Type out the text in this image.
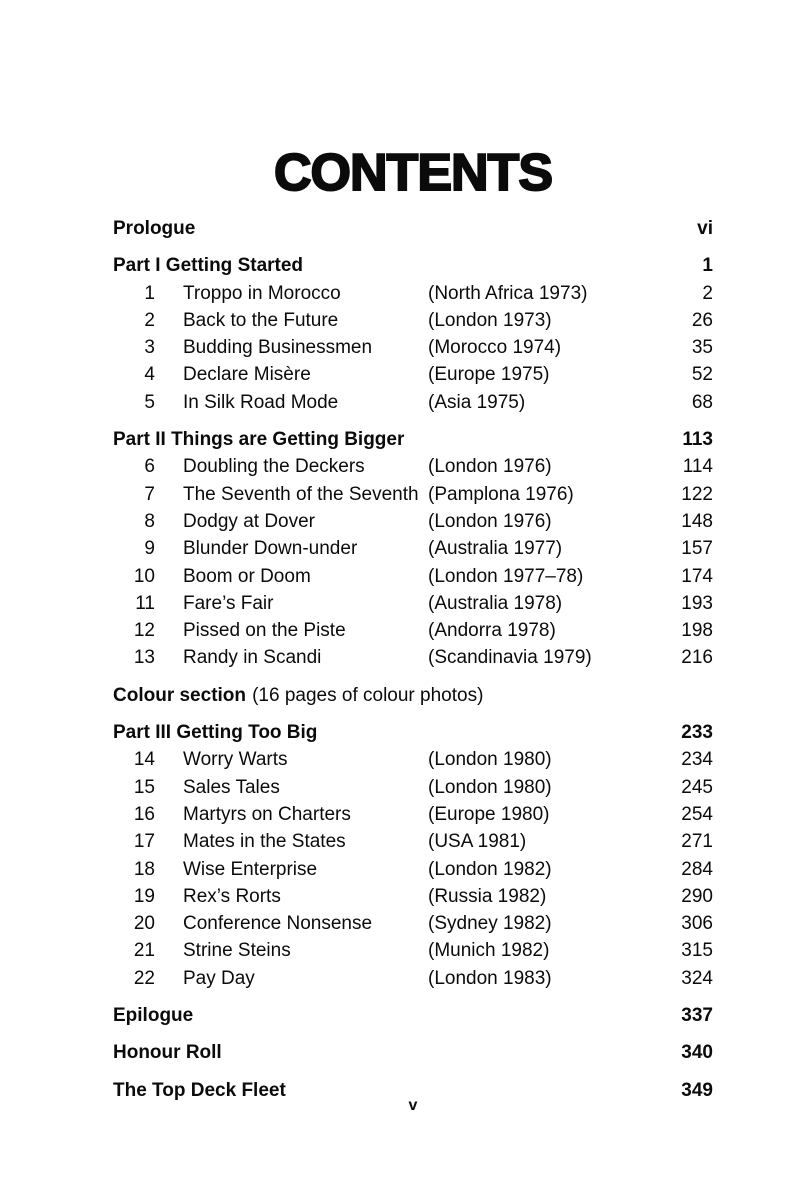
CONTENTS
Prologue	vi
Part I Getting Started	1
1	Troppo in Morocco	(North Africa 1973)	2
2	Back to the Future	(London 1973)	26
3	Budding Businessmen	(Morocco 1974)	35
4	Declare Misère	(Europe 1975)	52
5	In Silk Road Mode	(Asia 1975)	68
Part II Things are Getting Bigger	113
6	Doubling the Deckers	(London 1976)	114
7	The Seventh of the Seventh (Pamplona 1976)	122
8	Dodgy at Dover	(London 1976)	148
9	Blunder Down-under	(Australia 1977)	157
10	Boom or Doom	(London 1977–78)	174
11	Fare’s Fair	(Australia 1978)	193
12	Pissed on the Piste	(Andorra 1978)	198
13	Randy in Scandi	(Scandinavia 1979)	216
Colour section (16 pages of colour photos)
Part III Getting Too Big	233
14	Worry Warts	(London 1980)	234
15	Sales Tales	(London 1980)	245
16	Martyrs on Charters	(Europe 1980)	254
17	Mates in the States	(USA 1981)	271
18	Wise Enterprise	(London 1982)	284
19	Rex’s Rorts	(Russia 1982)	290
20	Conference Nonsense	(Sydney 1982)	306
21	Strine Steins	(Munich 1982)	315
22	Pay Day	(London 1983)	324
Epilogue	337
Honour Roll	340
The Top Deck Fleet	349
v
